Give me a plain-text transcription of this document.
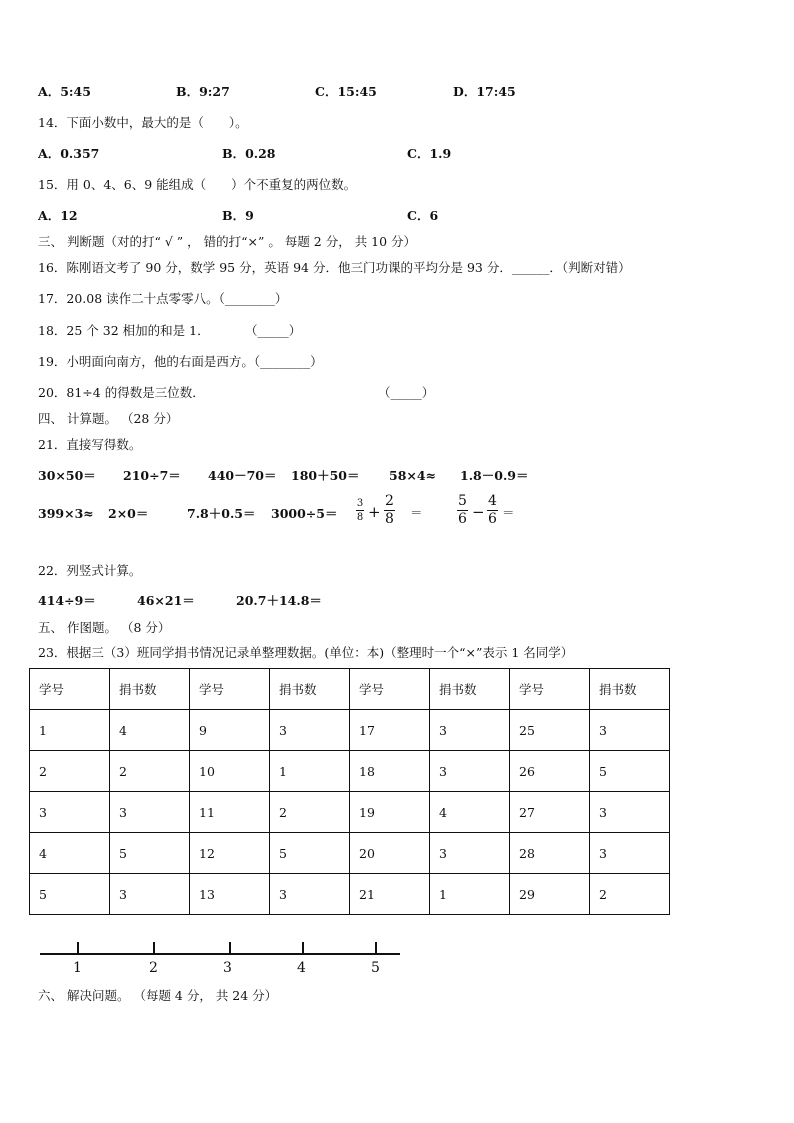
A．5:45	B．9:27	C．15:45	D．17:45
14．下面小数中，最大的是（　　）。
A．0.357	B．0.28	C．1.9
15．用 0、4、6、9 能组成（　　）个不重复的两位数。
A．12	B．9	C．6
三、 判断题（对的打“ √ ” ， 错的打“×” 。 每题 2 分， 共 10 分）
16．陈刚语文考了 90 分，数学 95 分，英语 94 分．他三门功课的平均分是 93 分．______．（判断对错）
17．20.08 读作二十点零零八。（________）
18．25 个 32 相加的和是 1．	（_____）
19．小明面向南方，他的右面是西方。（________）
20．81÷4 的得数是三位数．	（_____）
四、 计算题。 （28 分）
21．直接写得数。
30×50＝ 210÷7＝ 440－70＝ 180＋50＝ 58×4≈ 1.8－0.9＝
399×3≈ 2×0＝	7.8＋0.5＝ 3000÷5＝
3
8 +
2
8 ＝
5
6 −
4
6 ＝
22．列竖式计算。
414÷9＝	46×21＝	20.7＋14.8＝
五、 作图题。 （8 分）
23．根据三（3）班同学捐书情况记录单整理数据。(单位：本)（整理时一个“×”表示 1 名同学）
学号	捐书数	学号	捐书数	学号	捐书数	学号	捐书数
1	4	9	3	17	3	25	3
2	2	10	1	18	3	26	5
3	3	11	2	19	4	27	3
4	5	12	5	20	3	28	3
5	3	13	3	21	1	29	2
1	2	3	4	5
六、 解决问题。 （每题 4 分， 共 24 分）
